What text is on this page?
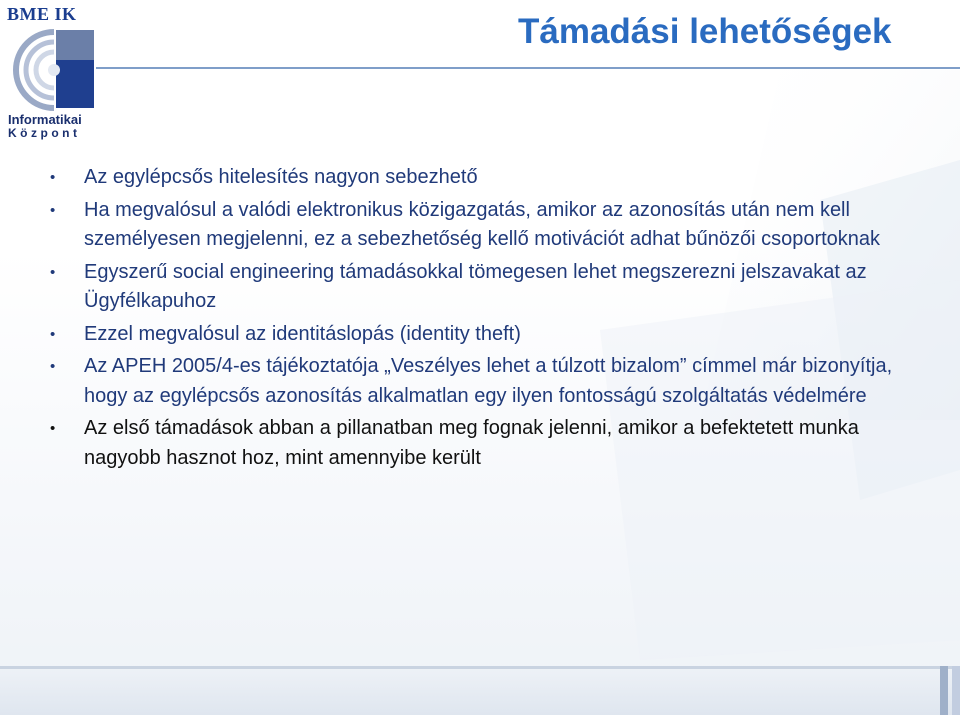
BME IK
Informatikai
Központ
Támadási lehetőségek
• Az egylépcsős hitelesítés nagyon sebezhető
• Ha megvalósul a valódi elektronikus közigazgatás, amikor az azonosítás után nem kell személyesen megjelenni, ez a sebezhetőség kellő motivációt adhat bűnözői csoportoknak
• Egyszerű social engineering támadásokkal tömegesen lehet megszerezni jelszavakat az Ügyfélkapuhoz
• Ezzel megvalósul az identitáslopás (identity theft)
• Az APEH 2005/4-es tájékoztatója „Veszélyes lehet a túlzott bizalom” címmel már bizonyítja, hogy az egylépcsős azonosítás alkalmatlan egy ilyen fontosságú szolgáltatás védelmére
• Az első támadások abban a pillanatban meg fognak jelenni, amikor a befektetett munka nagyobb hasznot hoz, mint amennyibe került
